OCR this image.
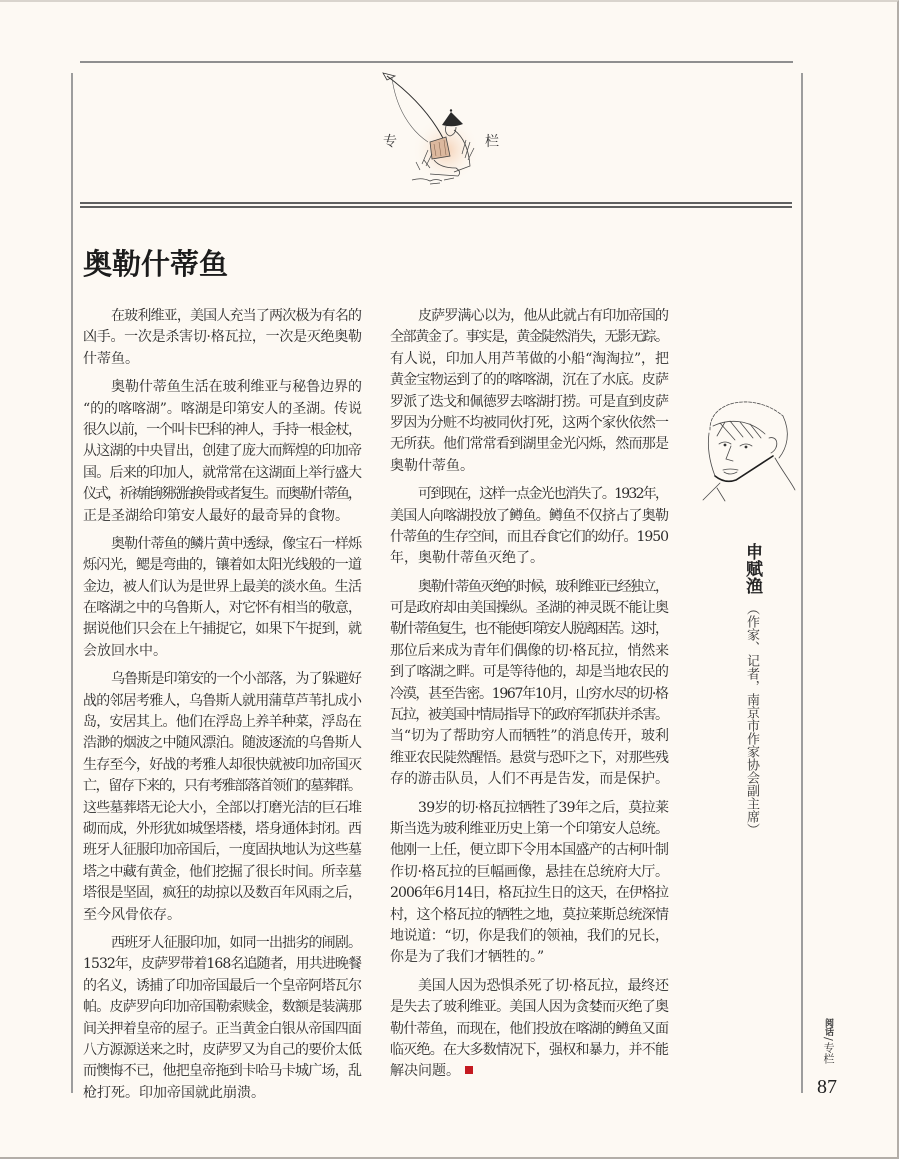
专	栏
奥勒什蒂鱼
在玻利维亚，美国人充当了两次极为有名的
凶手。一次是杀害切·格瓦拉，一次是灭绝奥勒
什蒂鱼。
奥勒什蒂鱼生活在玻利维亚与秘鲁边界的
“的的喀喀湖”。喀湖是印第安人的圣湖。传说
很久以前，一个叫卡巴科的神人，手持一根金杖，
从这湖的中央冒出，创建了庞大而辉煌的印加帝
国。后来的印加人，就常常在这湖面上举行盛大
仪式，祈祷能够脱胎换骨或者复生。而奥勒什蒂鱼，
正是圣湖给印第安人最好的最奇异的食物。
奥勒什蒂鱼的鳞片黄中透绿，像宝石一样烁
烁闪光，鳃是弯曲的，镶着如太阳光线般的一道
金边，被人们认为是世界上最美的淡水鱼。生活
在喀湖之中的乌鲁斯人，对它怀有相当的敬意，
据说他们只会在上午捕捉它，如果下午捉到，就
会放回水中。
乌鲁斯是印第安的一个小部落，为了躲避好
战的邻居考雅人，乌鲁斯人就用蒲草芦苇扎成小
岛，安居其上。他们在浮岛上养羊种菜，浮岛在
浩渺的烟波之中随风漂泊。随波逐流的乌鲁斯人
生存至今，好战的考雅人却很快就被印加帝国灭
亡，留存下来的，只有考雅部落首领们的墓葬群。
这些墓葬塔无论大小，全部以打磨光洁的巨石堆
砌而成，外形犹如城堡塔楼，塔身通体封闭。西
班牙人征服印加帝国后，一度固执地认为这些墓
塔之中藏有黄金，他们挖掘了很长时间。所幸墓
塔很是坚固，疯狂的劫掠以及数百年风雨之后，
至今风骨依存。
西班牙人征服印加，如同一出拙劣的闹剧。
1532年，皮萨罗带着168名追随者，用共进晚餐
的名义，诱捕了印加帝国最后一个皇帝阿塔瓦尔
帕。皮萨罗向印加帝国勒索赎金，数额是装满那
间关押着皇帝的屋子。正当黄金白银从帝国四面
八方源源送来之时，皮萨罗又为自己的要价太低
而懊悔不已，他把皇帝拖到卡哈马卡城广场，乱
枪打死。印加帝国就此崩溃。
皮萨罗满心以为，他从此就占有印加帝国的
全部黄金了。事实是，黄金陡然消失，无影无踪。
有人说，印加人用芦苇做的小船“淘淘拉”，把
黄金宝物运到了的的喀喀湖，沉在了水底。皮萨
罗派了迭戈和佩德罗去喀湖打捞。可是直到皮萨
罗因为分赃不均被同伙打死，这两个家伙依然一
无所获。他们常常看到湖里金光闪烁，然而那是
奥勒什蒂鱼。
可到现在，这样一点金光也消失了。1932年，
美国人向喀湖投放了鳟鱼。鳟鱼不仅挤占了奥勒
什蒂鱼的生存空间，而且吞食它们的幼仔。1950
年，奥勒什蒂鱼灭绝了。
奥勒什蒂鱼灭绝的时候，玻利维亚已经独立，
可是政府却由美国操纵。圣湖的神灵既不能让奥
勒什蒂鱼复生，也不能使印第安人脱离困苦。这时，
那位后来成为青年们偶像的切·格瓦拉，悄然来
到了喀湖之畔。可是等待他的，却是当地农民的
冷漠，甚至告密。1967年10月，山穷水尽的切·格
瓦拉，被美国中情局指导下的政府军抓获并杀害。
当“切为了帮助穷人而牺牲”的消息传开，玻利
维亚农民陡然醒悟。悬赏与恐吓之下，对那些残
存的游击队员，人们不再是告发，而是保护。
39岁的切·格瓦拉牺牲了39年之后，莫拉莱
斯当选为玻利维亚历史上第一个印第安人总统。
他刚一上任，便立即下令用本国盛产的古柯叶制
作切·格瓦拉的巨幅画像，悬挂在总统府大厅。
2006年6月14日，格瓦拉生日的这天，在伊格拉
村，这个格瓦拉的牺牲之地，莫拉莱斯总统深情
地说道：“切，你是我们的领袖，我们的兄长，
你是为了我们才牺牲的。”
美国人因为恐惧杀死了切·格瓦拉，最终还
是失去了玻利维亚。美国人因为贪婪而灭绝了奥
勒什蒂鱼，而现在，他们投放在喀湖的鳟鱼又面
临灭绝。在大多数情况下，强权和暴力，并不能
解决问题。
申赋渔
（作家、记者，南京市作家协会副主席）
阅话/专栏
87
